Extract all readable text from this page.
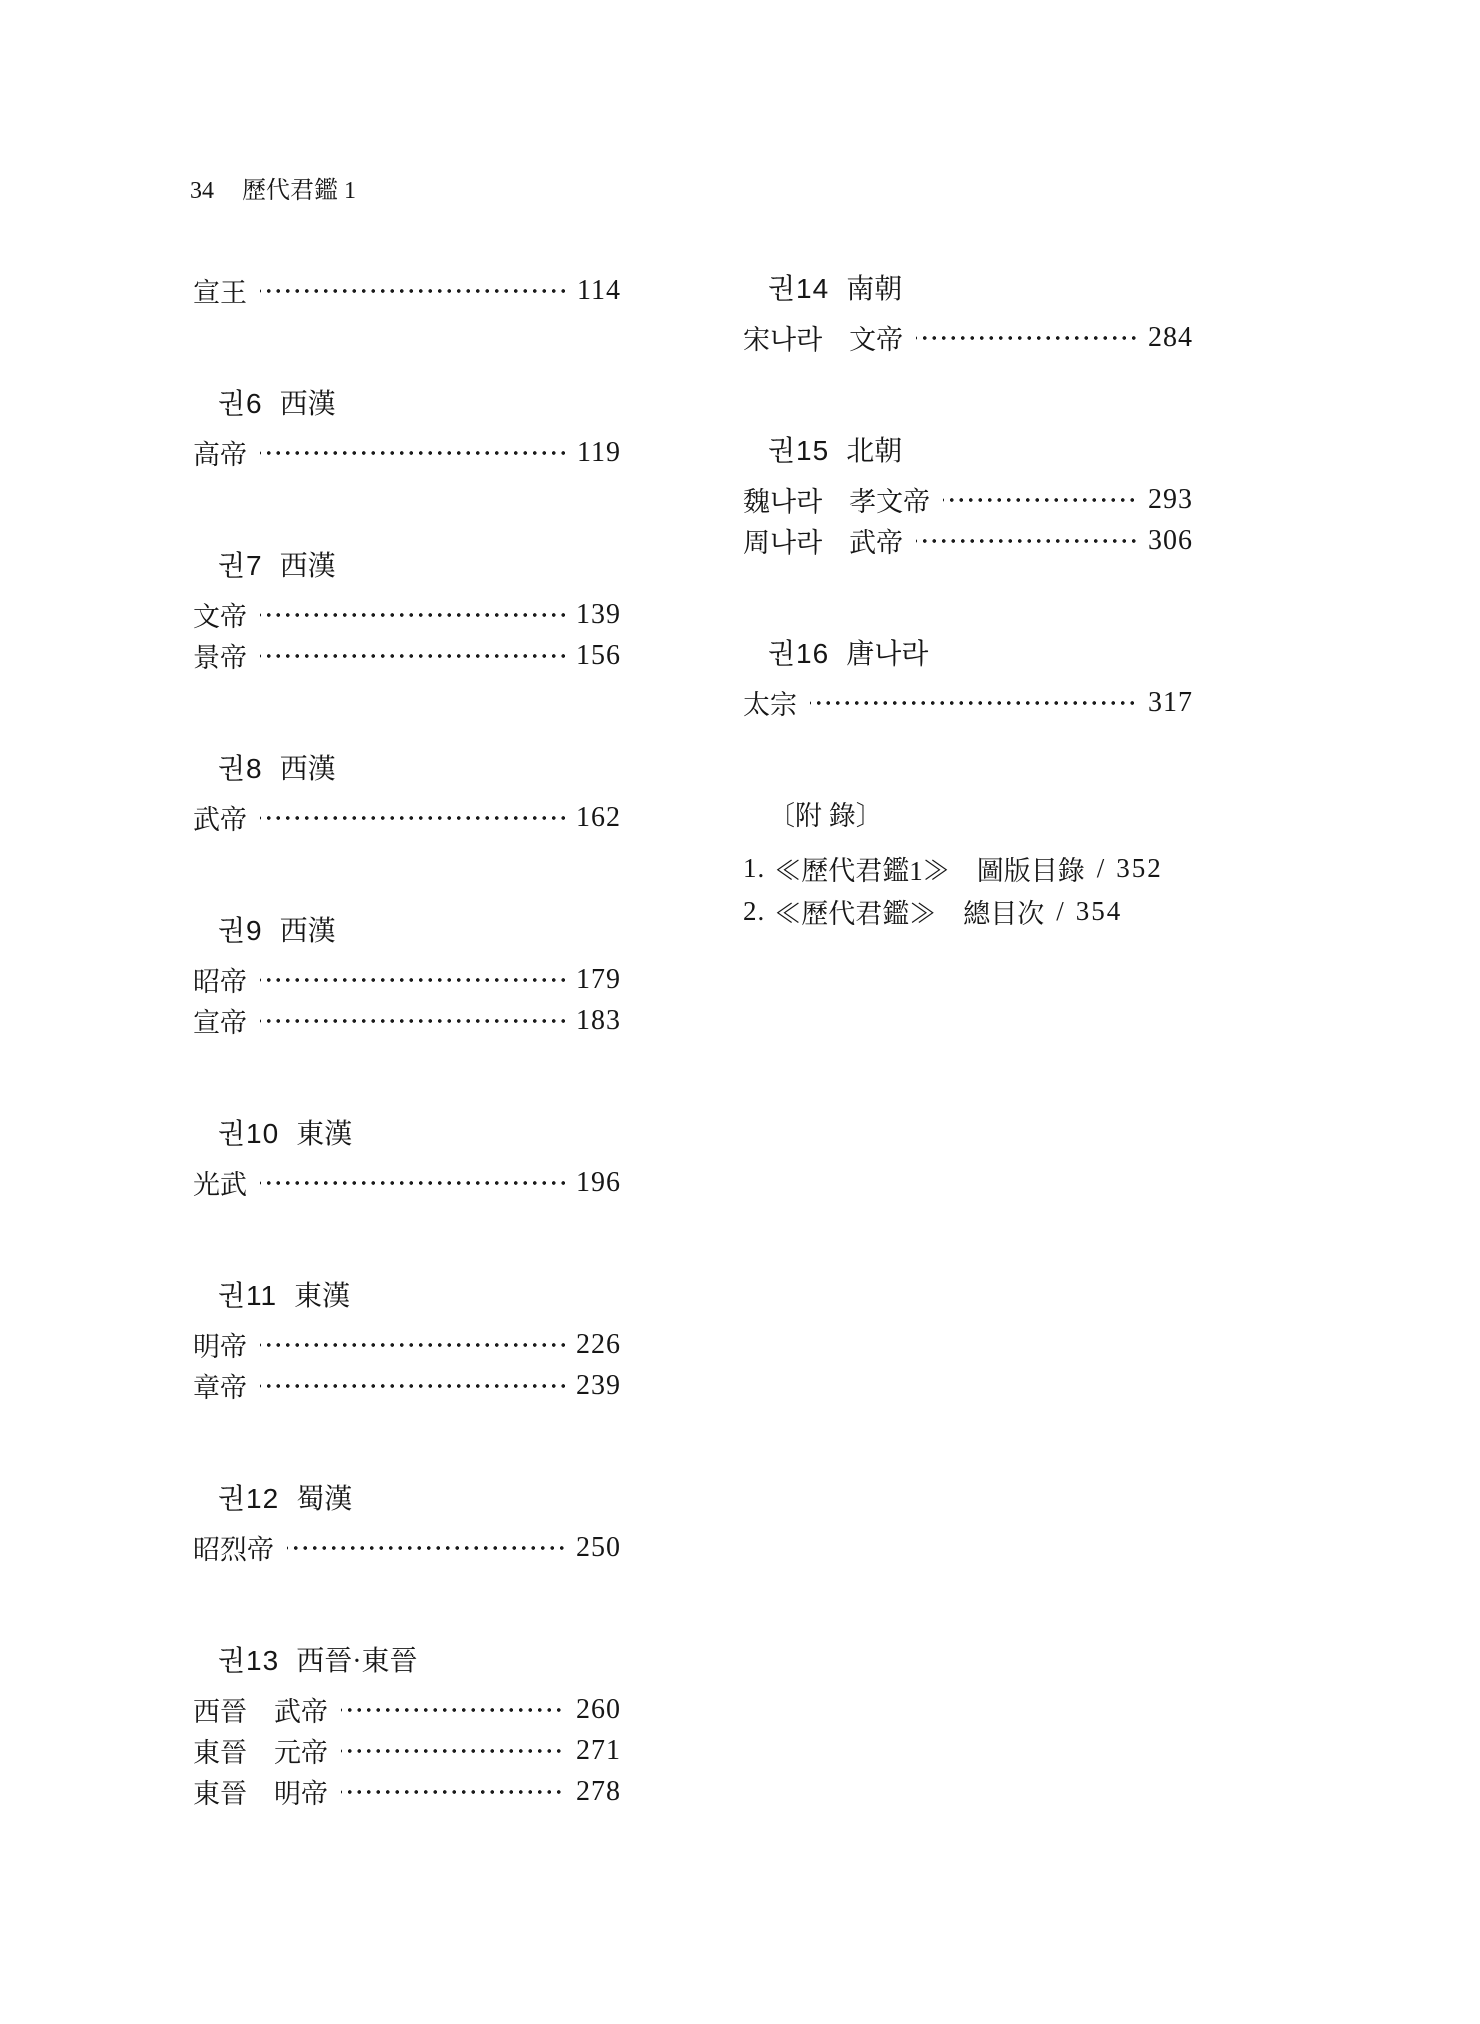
34 歷代君鑑 1
宣王	114
권6 西漢
高帝	119
권7 西漢
文帝	139
景帝	156
권8 西漢
武帝	162
권9 西漢
昭帝	179
宣帝	183
권10 東漢
光武	196
권11 東漢
明帝	226
章帝	239
권12 蜀漢
昭烈帝	250
권13 西晉·東晉
西晉　武帝	260
東晉　元帝	271
東晉　明帝	278
권14 南朝
宋나라　文帝	284
권15 北朝
魏나라　孝文帝	293
周나라　武帝	306
권16 唐나라
太宗	317
〔附 錄〕
1. ≪歷代君鑑1≫　圖版目錄 / 352
2. ≪歷代君鑑≫　總目次 / 354
